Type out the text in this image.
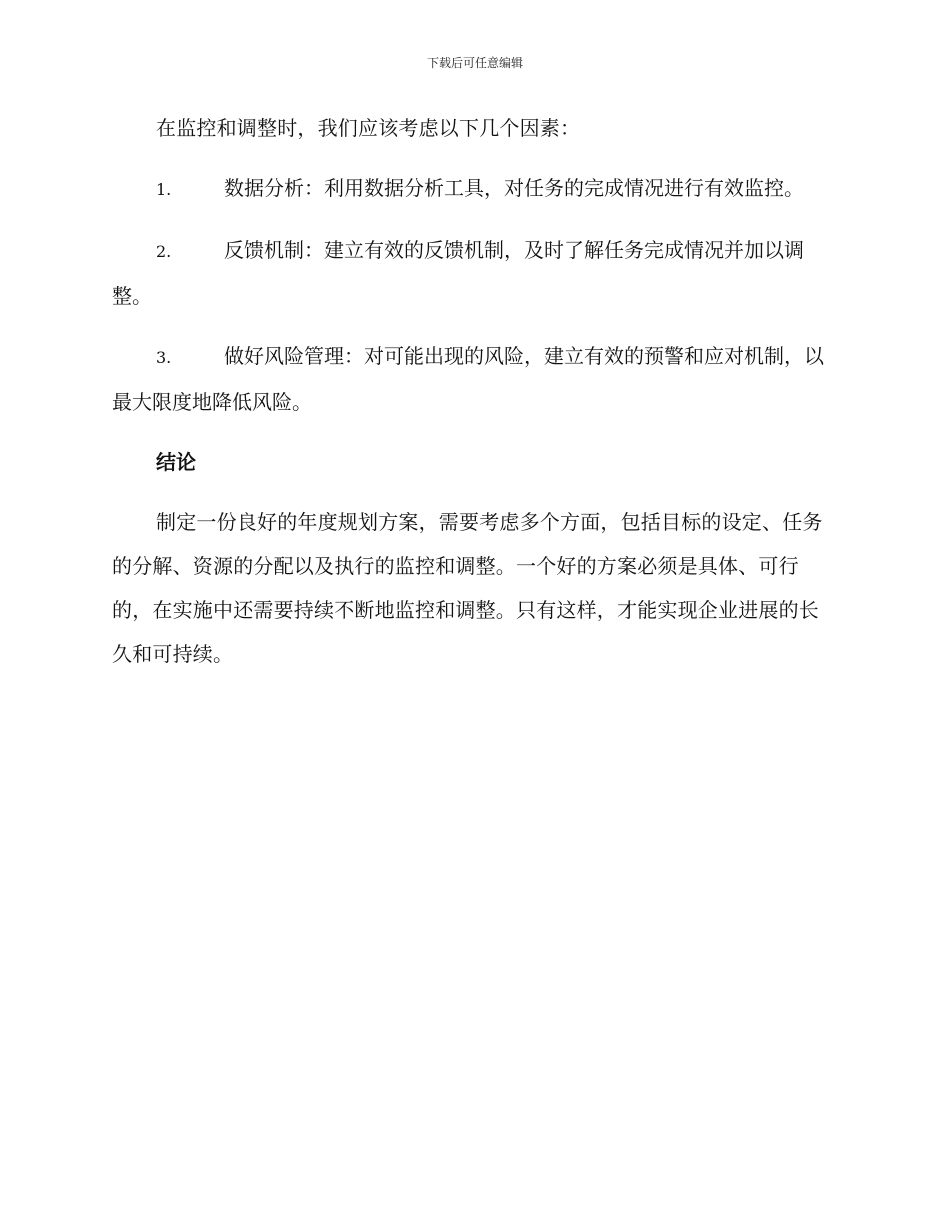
下载后可任意编辑

在监控和调整时，我们应该考虑以下几个因素：

1.	数据分析：利用数据分析工具，对任务的完成情况进行有效监控。

2.	反馈机制：建立有效的反馈机制，及时了解任务完成情况并加以调整。

3.	做好风险管理：对可能出现的风险，建立有效的预警和应对机制，以最大限度地降低风险。

结论

制定一份良好的年度规划方案，需要考虑多个方面，包括目标的设定、任务的分解、资源的分配以及执行的监控和调整。一个好的方案必须是具体、可行的，在实施中还需要持续不断地监控和调整。只有这样，才能实现企业进展的长久和可持续。
